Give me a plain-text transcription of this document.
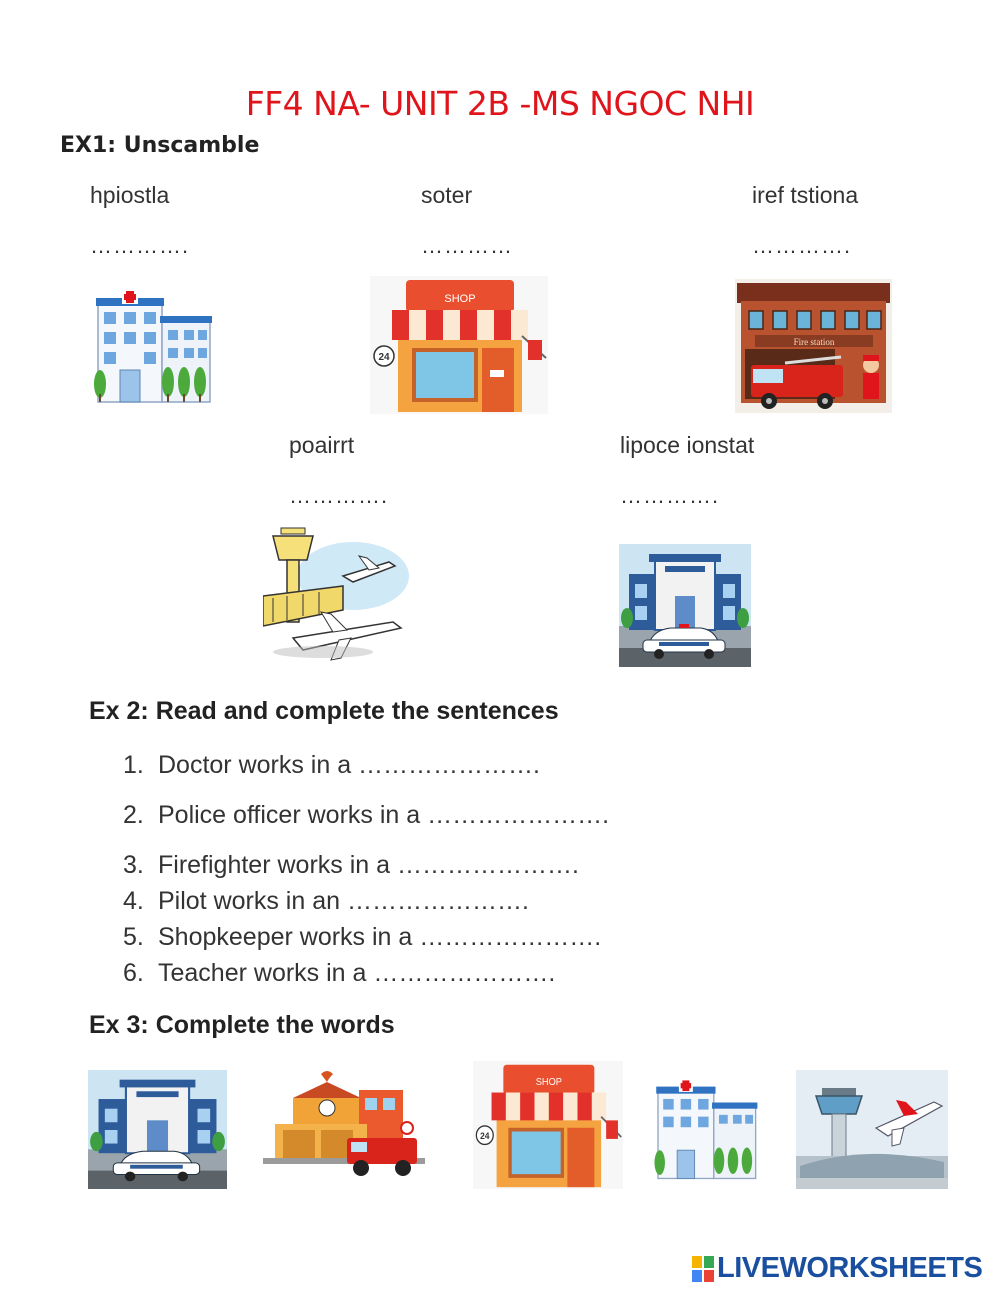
FF4 NA- UNIT 2B -MS NGOC NHI
EX1: Unscamble
hpiostla
………….
soter
…………
iref tstiona
………….
poairrt
………….
lipoce ionstat
………….
SHOP
24
Fire station
Ex 2: Read and complete the sentences
1. Doctor works in a ………………….
2. Police officer works in a ………………….
3. Firefighter works in a ………………….
4. Pilot works in an ………………….
5. Shopkeeper works in a ………………….
6. Teacher works in a ………………….
Ex 3: Complete the words
SHOP
24
LIVEWORKSHEETS
